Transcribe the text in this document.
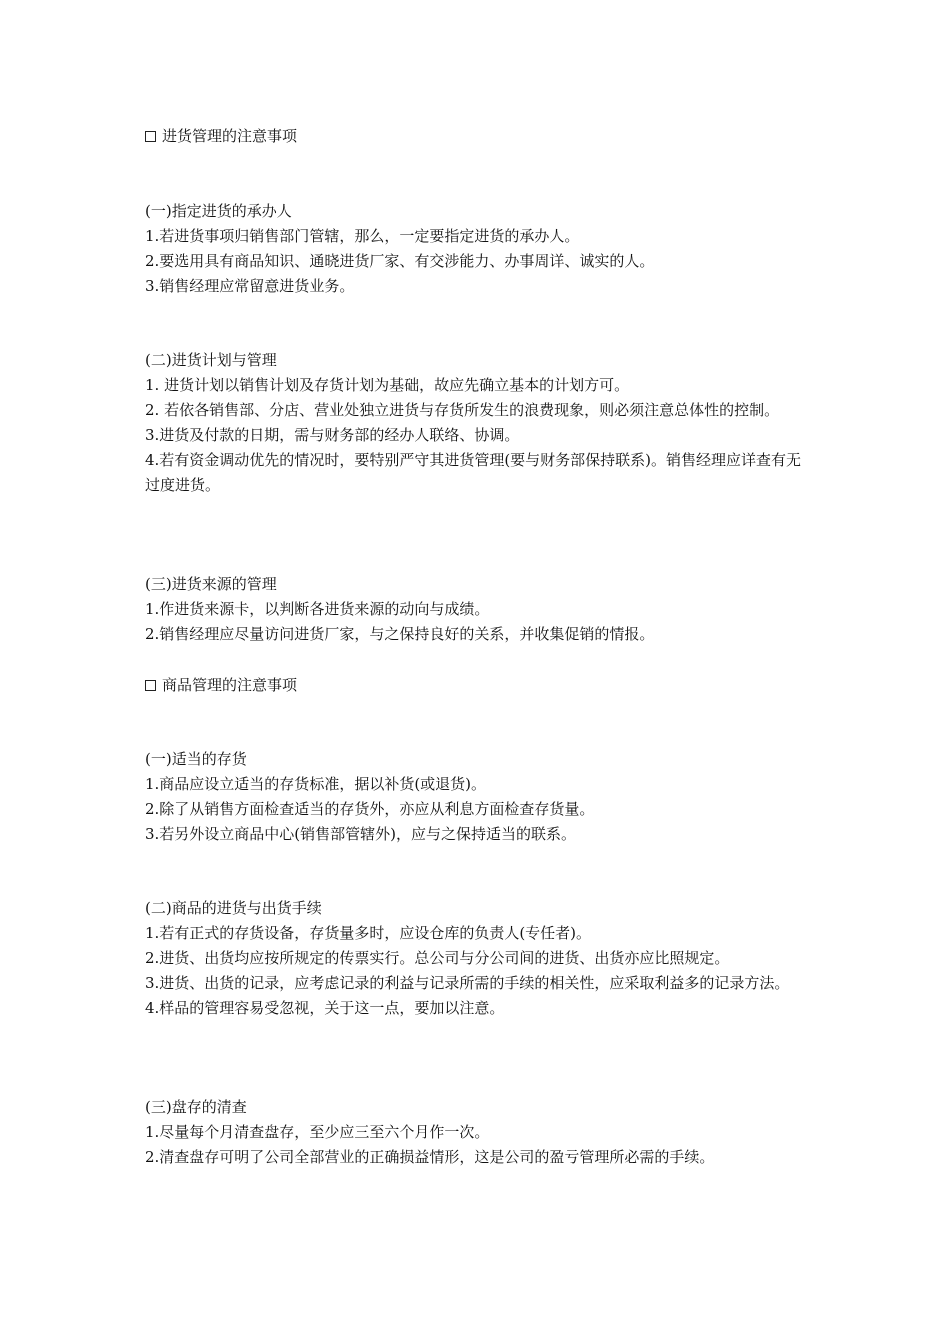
进货管理的注意事项
(一)指定进货的承办人
1.若进货事项归销售部门管辖，那么，一定要指定进货的承办人。
2.要选用具有商品知识、通晓进货厂家、有交涉能力、办事周详、诚实的人。
3.销售经理应常留意进货业务。
(二)进货计划与管理
1. 进货计划以销售计划及存货计划为基础，故应先确立基本的计划方可。
2. 若依各销售部、分店、营业处独立进货与存货所发生的浪费现象，则必须注意总体性的控制。
3.进货及付款的日期，需与财务部的经办人联络、协调。
4.若有资金调动优先的情况时，要特别严守其进货管理(要与财务部保持联系)。销售经理应详查有无过度进货。
(三)进货来源的管理
1.作进货来源卡，以判断各进货来源的动向与成绩。
2.销售经理应尽量访问进货厂家，与之保持良好的关系，并收集促销的情报。
商品管理的注意事项
(一)适当的存货
1.商品应设立适当的存货标准，据以补货(或退货)。
2.除了从销售方面检查适当的存货外，亦应从利息方面检查存货量。
3.若另外设立商品中心(销售部管辖外)，应与之保持适当的联系。
(二)商品的进货与出货手续
1.若有正式的存货设备，存货量多时，应设仓库的负责人(专任者)。
2.进货、出货均应按所规定的传票实行。总公司与分公司间的进货、出货亦应比照规定。
3.进货、出货的记录，应考虑记录的利益与记录所需的手续的相关性，应采取利益多的记录方法。
4.样品的管理容易受忽视，关于这一点，要加以注意。
(三)盘存的清查
1.尽量每个月清查盘存，至少应三至六个月作一次。
2.清查盘存可明了公司全部营业的正确损益情形，这是公司的盈亏管理所必需的手续。
